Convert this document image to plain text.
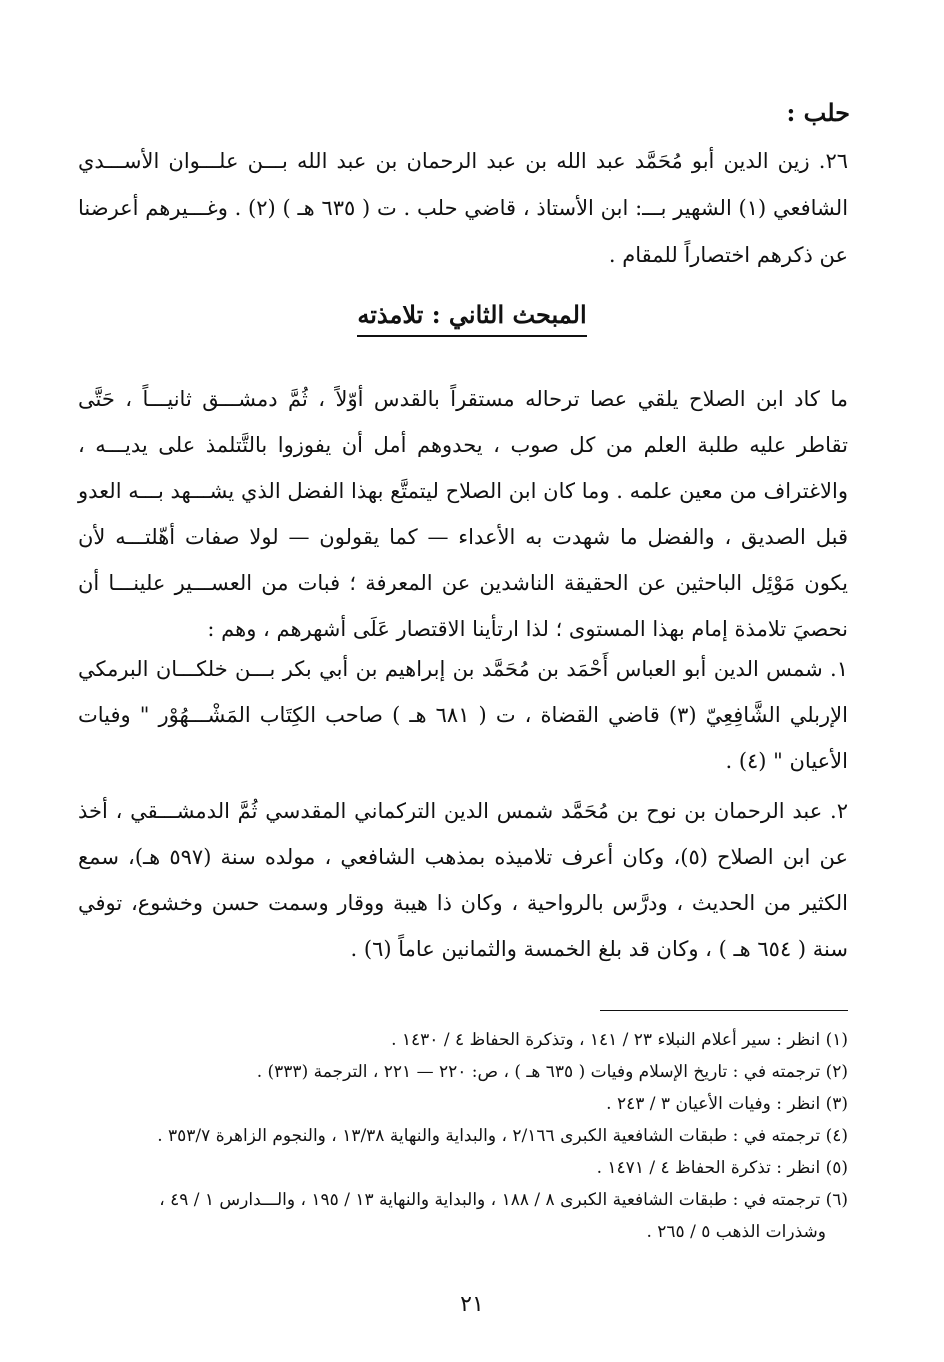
حلب :

٢٦. زين الدين أبو مُحَمَّد عبد الله بن عبد الرحمان بن عبد الله بـــن علـــوان الأســـدي الشافعي (١) الشهير بـــ: ابن الأستاذ ، قاضي حلب . ت ( ٦٣٥ هـ ) (٢) . وغـــيرهم أعرضنا عن ذكرهم اختصاراً للمقام .

المبحث الثاني : تلامذته

ما كاد ابن الصلاح يلقي عصا ترحاله مستقراً بالقدس أوّلاً ، ثُمَّ دمشـــق ثانيـــاً ، حَتَّى تقاطر عليه طلبة العلم من كل صوب ، يحدوهم أمل أن يفوزوا بالتَّتلمذ على يديـــه ، والاغتراف من معين علمه . وما كان ابن الصلاح ليتمتَّع بهذا الفضل الذي يشـــهد بـــه العدو قبل الصديق ، والفضل ما شهدت به الأعداء — كما يقولون — لولا صفات أهّلتـــه لأن يكون مَوْئِل الباحثين عن الحقيقة الناشدين عن المعرفة ؛ فبات من العســـير علينـــا أن نحصيَ تلامذة إمام بهذا المستوى ؛ لذا ارتأينا الاقتصار عَلَى أشهرهم ، وهم :

١. شمس الدين أبو العباس أَحْمَد بن مُحَمَّد بن إبراهيم بن أبي بكر بـــن خلكـــان البرمكي الإربلي الشَّافِعِيّ (٣) قاضي القضاة ، ت ( ٦٨١ هـ ) صاحب الكِتَاب المَشْـــهُوْر " وفيات الأعيان " (٤) .

٢. عبد الرحمان بن نوح بن مُحَمَّد شمس الدين التركماني المقدسي ثُمَّ الدمشـــقي ، أخذ عن ابن الصلاح (٥)، وكان أعرف تلاميذه بمذهب الشافعي ، مولده سنة (٥٩٧ هـ)، سمع الكثير من الحديث ، ودرَّس بالرواحية ، وكان ذا هيبة ووقار وسمت حسن وخشوع، توفي سنة ( ٦٥٤ هـ ) ، وكان قد بلغ الخمسة والثمانين عاماً (٦) .

(١) انظر : سير أعلام النبلاء ٢٣ / ١٤١ ، وتذكرة الحفاظ ٤ / ١٤٣٠ .
(٢) ترجمته في : تاريخ الإسلام وفيات ( ٦٣٥ هـ ) ، ص: ٢٢٠ — ٢٢١ ، الترجمة (٣٣٣) .
(٣) انظر : وفيات الأعيان ٣ / ٢٤٣ .
(٤) ترجمته في : طبقات الشافعية الكبرى ٢/١٦٦ ، والبداية والنهاية ١٣/٣٨ ، والنجوم الزاهرة ٣٥٣/٧ .
(٥) انظر : تذكرة الحفاظ ٤ / ١٤٧١ .
(٦) ترجمته في : طبقات الشافعية الكبرى ٨ / ١٨٨ ، والبداية والنهاية ١٣ / ١٩٥ ، والـــدارس ١ / ٤٩ ،
وشذرات الذهب ٥ / ٢٦٥ .
٢١
